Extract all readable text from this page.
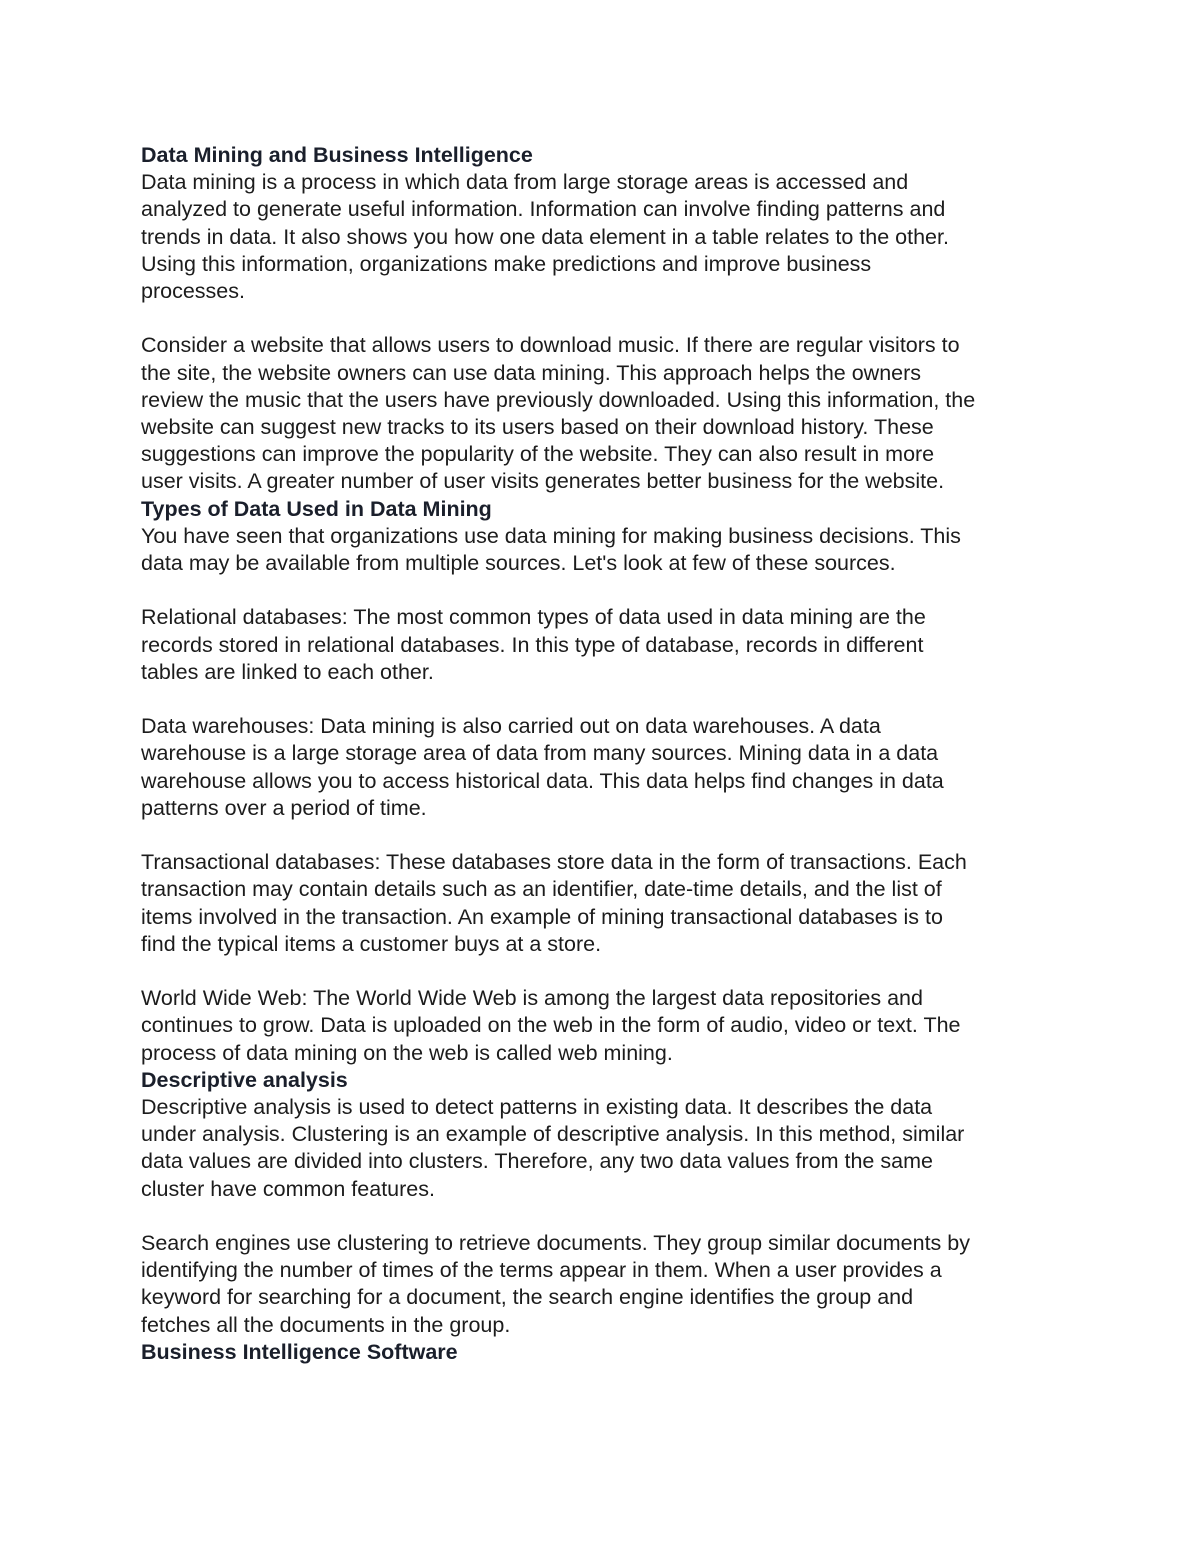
Data Mining and Business Intelligence
Data mining is a process in which data from large storage areas is accessed and
analyzed to generate useful information. Information can involve finding patterns and
trends in data. It also shows you how one data element in a table relates to the other.
Using this information, organizations make predictions and improve business
processes.
Consider a website that allows users to download music. If there are regular visitors to
the site, the website owners can use data mining. This approach helps the owners
review the music that the users have previously downloaded. Using this information, the
website can suggest new tracks to its users based on their download history. These
suggestions can improve the popularity of the website. They can also result in more
user visits. A greater number of user visits generates better business for the website.
Types of Data Used in Data Mining
You have seen that organizations use data mining for making business decisions. This
data may be available from multiple sources. Let's look at few of these sources.
Relational databases: The most common types of data used in data mining are the
records stored in relational databases. In this type of database, records in different
tables are linked to each other.
Data warehouses: Data mining is also carried out on data warehouses. A data
warehouse is a large storage area of data from many sources. Mining data in a data
warehouse allows you to access historical data. This data helps find changes in data
patterns over a period of time.
Transactional databases: These databases store data in the form of transactions. Each
transaction may contain details such as an identifier, date-time details, and the list of
items involved in the transaction. An example of mining transactional databases is to
find the typical items a customer buys at a store.
World Wide Web: The World Wide Web is among the largest data repositories and
continues to grow. Data is uploaded on the web in the form of audio, video or text. The
process of data mining on the web is called web mining.
Descriptive analysis
Descriptive analysis is used to detect patterns in existing data. It describes the data
under analysis. Clustering is an example of descriptive analysis. In this method, similar
data values are divided into clusters. Therefore, any two data values from the same
cluster have common features.
Search engines use clustering to retrieve documents. They group similar documents by
identifying the number of times of the terms appear in them. When a user provides a
keyword for searching for a document, the search engine identifies the group and
fetches all the documents in the group.
Business Intelligence Software
